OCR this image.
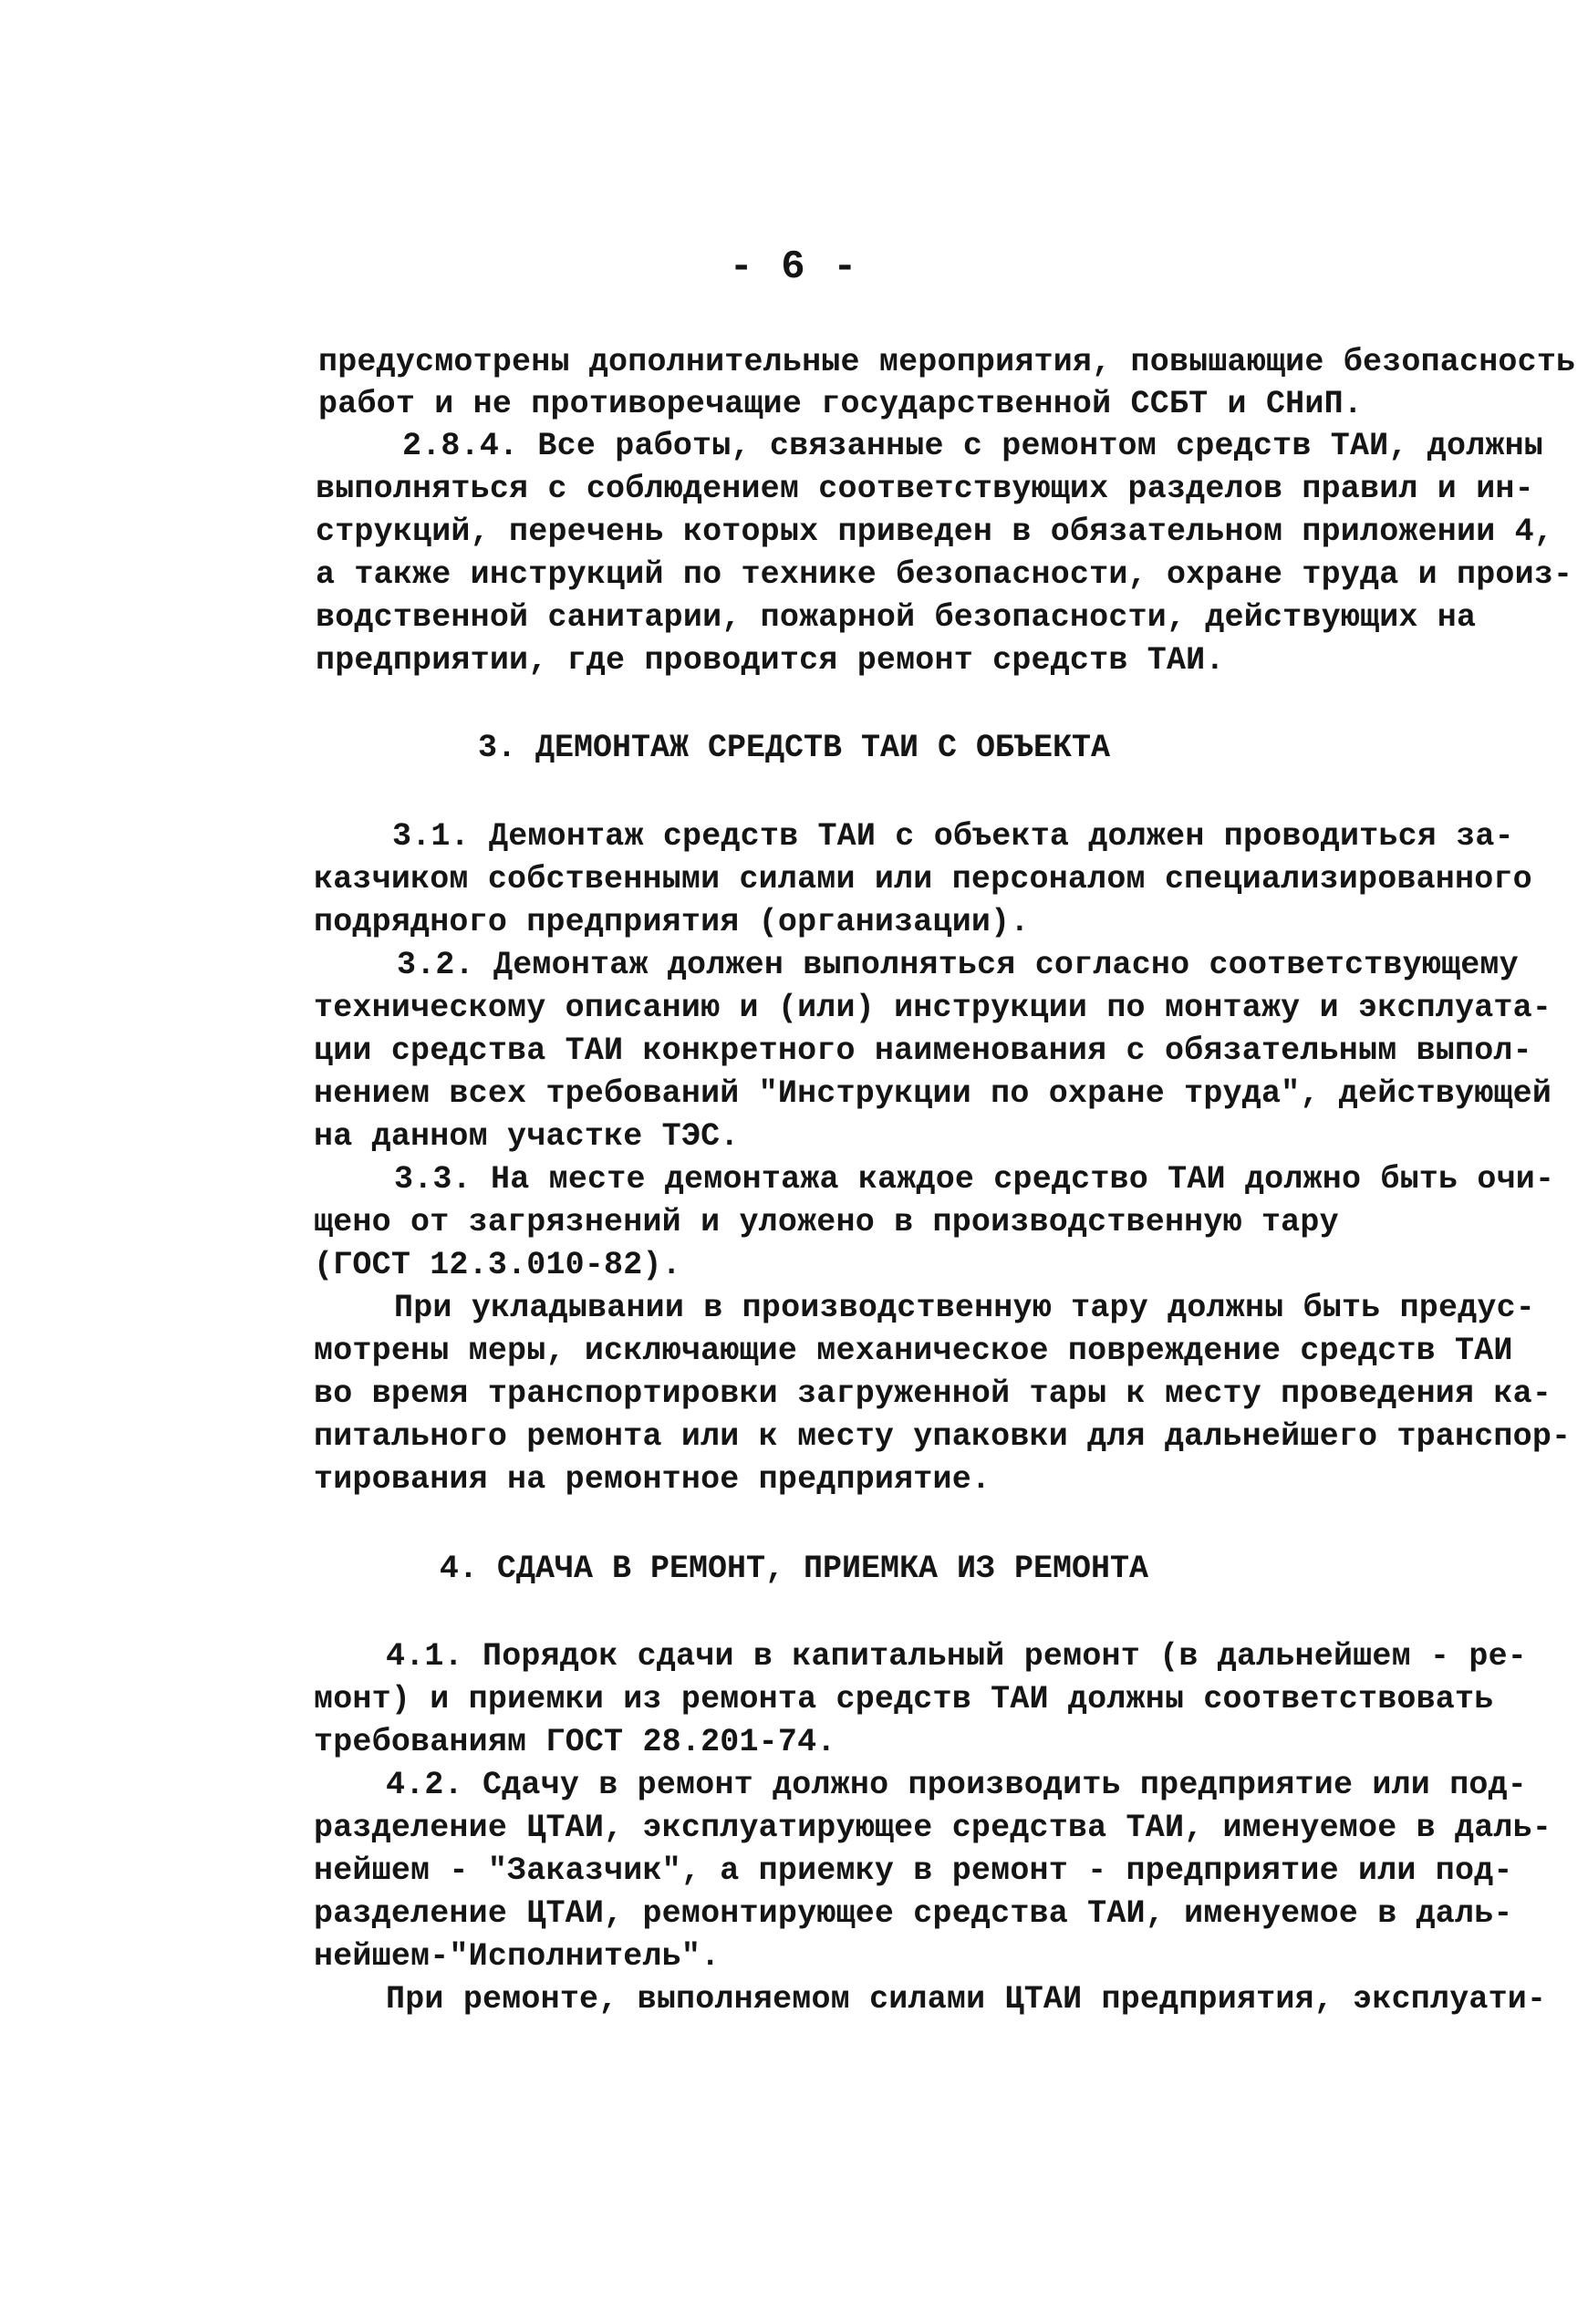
- 6 -
предусмотрены дополнительные мероприятия, повышающие безопасность
работ и не противоречащие государственной ССБТ и СНиП.
2.8.4. Все работы, связанные с ремонтом средств ТАИ, должны
выполняться с соблюдением соответствующих разделов правил и ин-
струкций, перечень которых приведен в обязательном приложении 4,
а также инструкций по технике безопасности, охране труда и произ-
водственной санитарии, пожарной безопасности, действующих на
предприятии, где проводится ремонт средств ТАИ.
3. ДЕМОНТАЖ СРЕДСТВ ТАИ С ОБЪЕКТА
3.1. Демонтаж средств ТАИ с объекта должен проводиться за-
казчиком собственными силами или персоналом специализированного
подрядного предприятия (организации).
3.2. Демонтаж должен выполняться согласно соответствующему
техническому описанию и (или) инструкции по монтажу и эксплуата-
ции средства ТАИ конкретного наименования с обязательным выпол-
нением всех требований "Инструкции по охране труда", действующей
на данном участке ТЭС.
3.3. На месте демонтажа каждое средство ТАИ должно быть очи-
щено от загрязнений и уложено в производственную тару
(ГОСТ 12.3.010-82).
При укладывании в производственную тару должны быть предус-
мотрены меры, исключающие механическое повреждение средств ТАИ
во время транспортировки загруженной тары к месту проведения ка-
питального ремонта или к месту упаковки для дальнейшего транспор-
тирования на ремонтное предприятие.
4. СДАЧА В РЕМОНТ, ПРИЕМКА ИЗ РЕМОНТА
4.1. Порядок сдачи в капитальный ремонт (в дальнейшем - ре-
монт) и приемки из ремонта средств ТАИ должны соответствовать
требованиям ГОСТ 28.201-74.
4.2. Сдачу в ремонт должно производить предприятие или под-
разделение ЦТАИ, эксплуатирующее средства ТАИ, именуемое в даль-
нейшем - "Заказчик", а приемку в ремонт - предприятие или под-
разделение ЦТАИ, ремонтирующее средства ТАИ, именуемое в даль-
нейшем-"Исполнитель".
При ремонте, выполняемом силами ЦТАИ предприятия, эксплуати-
